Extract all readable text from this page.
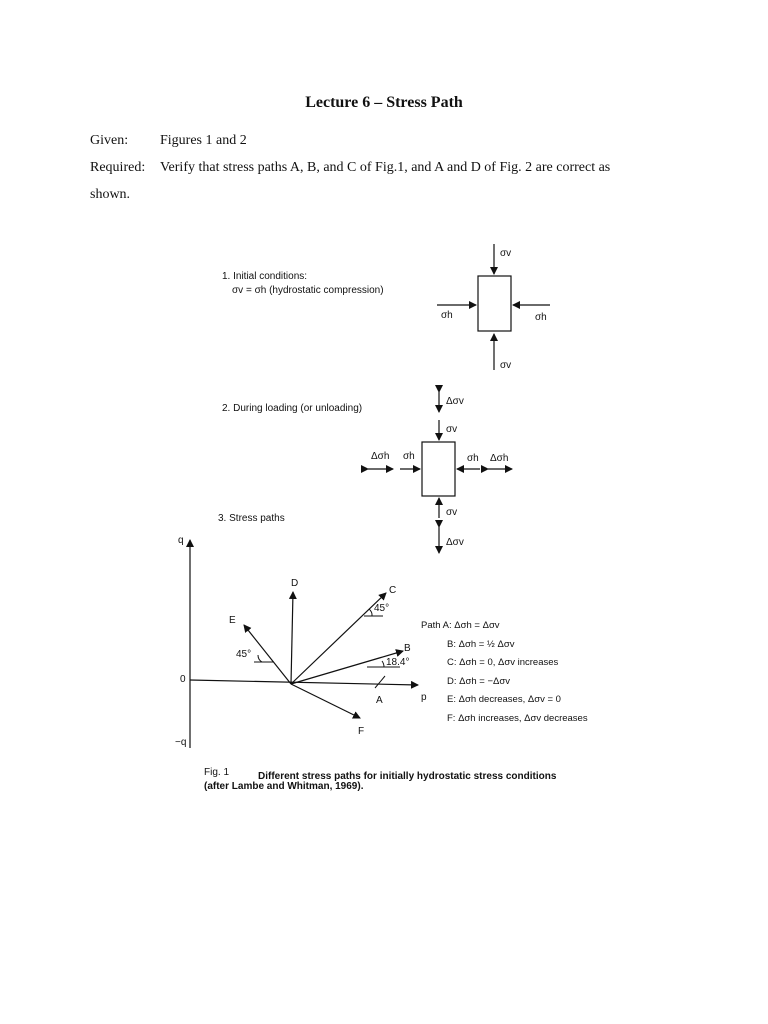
Lecture 6 – Stress Path
Given: Figures 1 and 2
Required: Verify that stress paths A, B, and C of Fig.1, and A and D of Fig. 2 are correct as
shown.
1. Initial conditions:
σv = σh (hydrostatic compression)
σv
σv
σh	σh
2. During loading (or unloading)
Δσv
σv
σv
Δσv
Δσh σh	σh Δσh
3. Stress paths
q
0
−q
p
D
C
B
E
F
A
45°
18.4°
45°
Path A: Δσh = Δσv
B: Δσh = ½ Δσv
C: Δσh = 0, Δσv increases
D: Δσh = −Δσv
E: Δσh decreases, Δσv = 0
F: Δσh increases, Δσv decreases
Fig. 1	Different stress paths for initially hydrostatic stress conditions
(after Lambe and Whitman, 1969).
